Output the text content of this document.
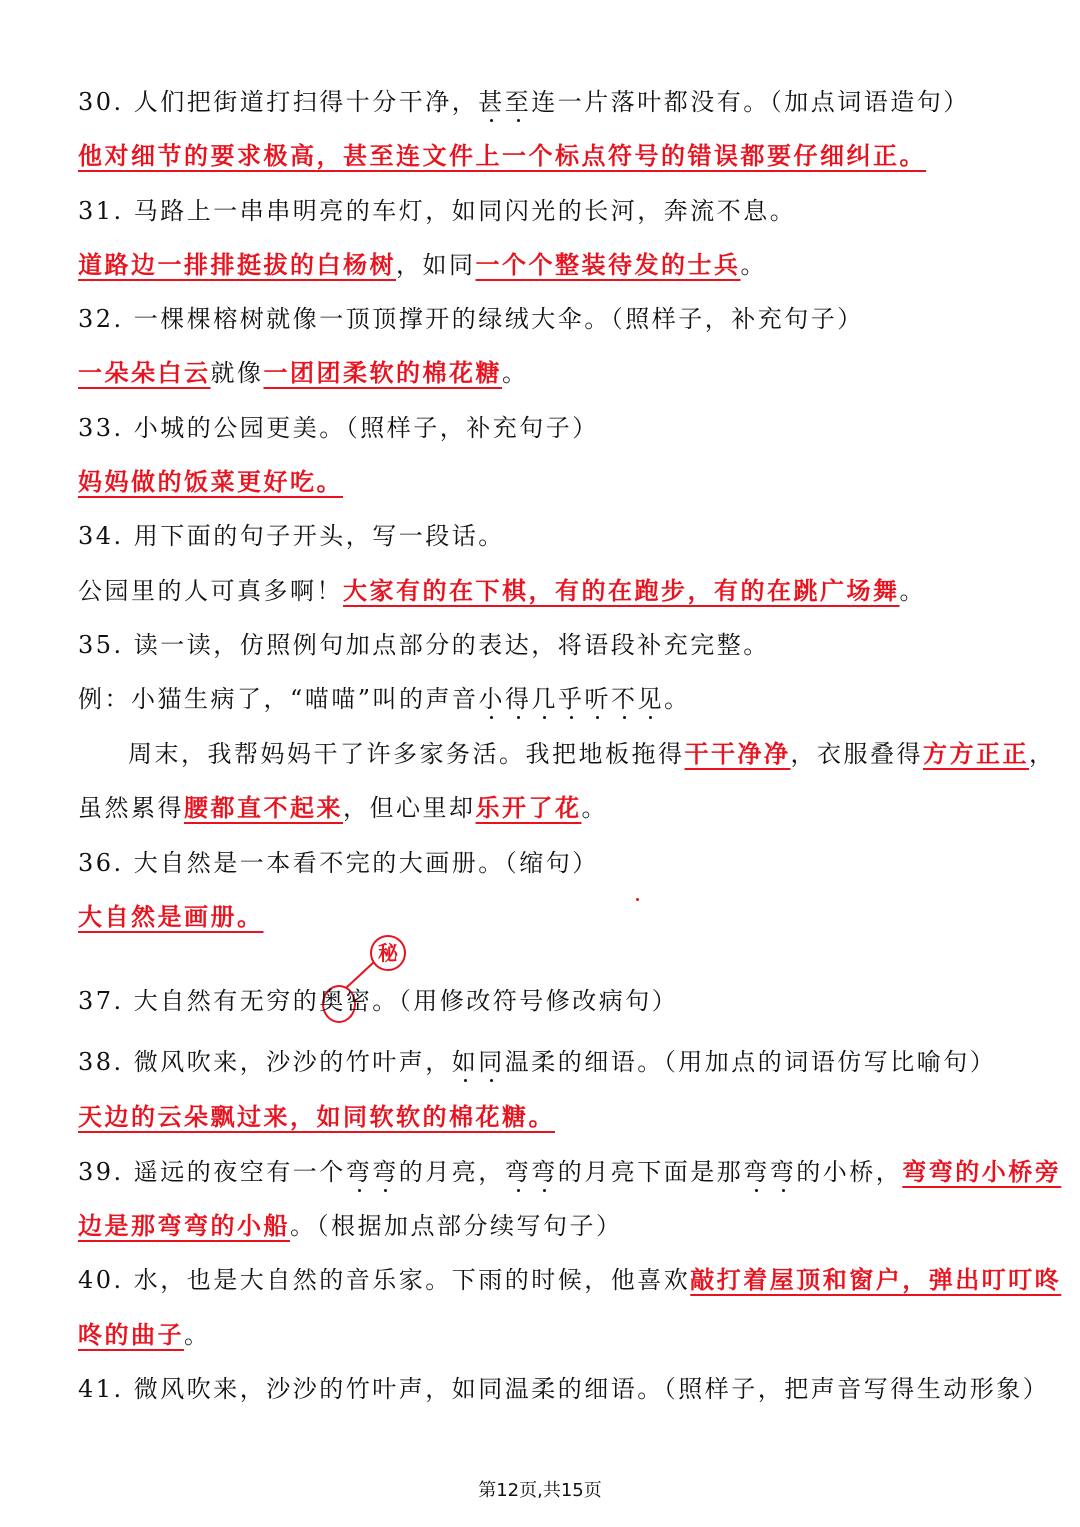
30. 人们把街道打扫得十分干净，甚至连一片落叶都没有。（加点词语造句）
他对细节的要求极高，甚至连文件上一个标点符号的错误都要仔细纠正。
31. 马路上一串串明亮的车灯，如同闪光的长河，奔流不息。
道路边一排排挺拔的白杨树，如同一个个整装待发的士兵。
32. 一棵棵榕树就像一顶顶撑开的绿绒大伞。（照样子，补充句子）
一朵朵白云就像一团团柔软的棉花糖。
33. 小城的公园更美。（照样子，补充句子）
妈妈做的饭菜更好吃。
34. 用下面的句子开头，写一段话。
公园里的人可真多啊！大家有的在下棋，有的在跑步，有的在跳广场舞。
35. 读一读，仿照例句加点部分的表达，将语段补充完整。
例：小猫生病了，“喵喵”叫的声音小得几乎听不见。
周末，我帮妈妈干了许多家务活。我把地板拖得干干净净，衣服叠得方方正正，
虽然累得腰都直不起来，但心里却乐开了花。
36. 大自然是一本看不完的大画册。（缩句）
大自然是画册。
秘
37. 大自然有无穷的奥密。（用修改符号修改病句）
38. 微风吹来，沙沙的竹叶声，如同温柔的细语。（用加点的词语仿写比喻句）
天边的云朵飘过来，如同软软的棉花糖。
39. 遥远的夜空有一个弯弯的月亮，弯弯的月亮下面是那弯弯的小桥，弯弯的小桥旁
边是那弯弯的小船。（根据加点部分续写句子）
40. 水，也是大自然的音乐家。下雨的时候，他喜欢敲打着屋顶和窗户，弹出叮叮咚
咚的曲子。
41. 微风吹来，沙沙的竹叶声，如同温柔的细语。（照样子，把声音写得生动形象）
第12页,共15页
